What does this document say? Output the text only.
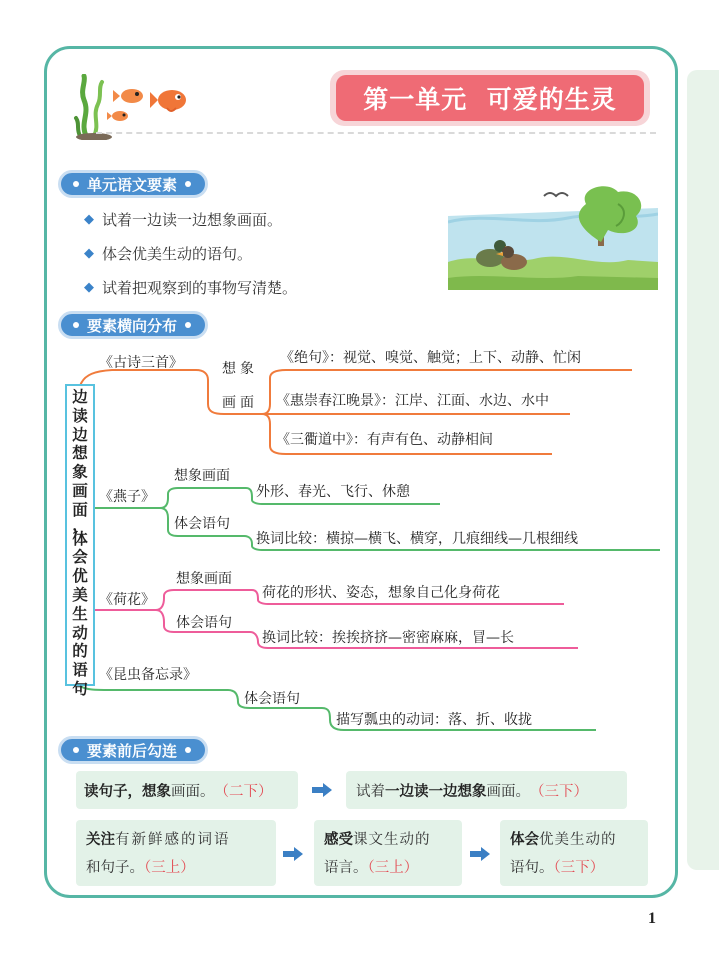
第一单元  可爱的生灵
单元语文要素
◆ 试着一边读一边想象画面。
◆ 体会优美生动的语句。
◆ 试着把观察到的事物写清楚。
要素横向分布
边
读
边
想
象
画
面
，
体
会
优
美
生
动
的
语
句
《古诗三首》	想象
画面
《绝句》：视觉、嗅觉、触觉；上下、动静、忙闲
《惠崇春江晚景》：江岸、江面、水边、水中
《三衢道中》：有声有色、动静相间
《燕子》
想象画面
外形、春光、飞行、休憩
体会语句
换词比较：横掠—横飞、横穿，几痕细线—几根细线
《荷花》
想象画面
荷花的形状、姿态，想象自己化身荷花
体会语句
换词比较：挨挨挤挤—密密麻麻，冒—长
《昆虫备忘录》
体会语句
描写瓢虫的动词：落、折、收拢
要素前后勾连
读句子，想象 画面。 （二下）	试着 一边读一边想象 画面。 （三下）
关注有新鲜感的词语
和句子。（三上）
感受课文生动的
语言。（三上）
体会优美生动的
语句。（三下）
1
